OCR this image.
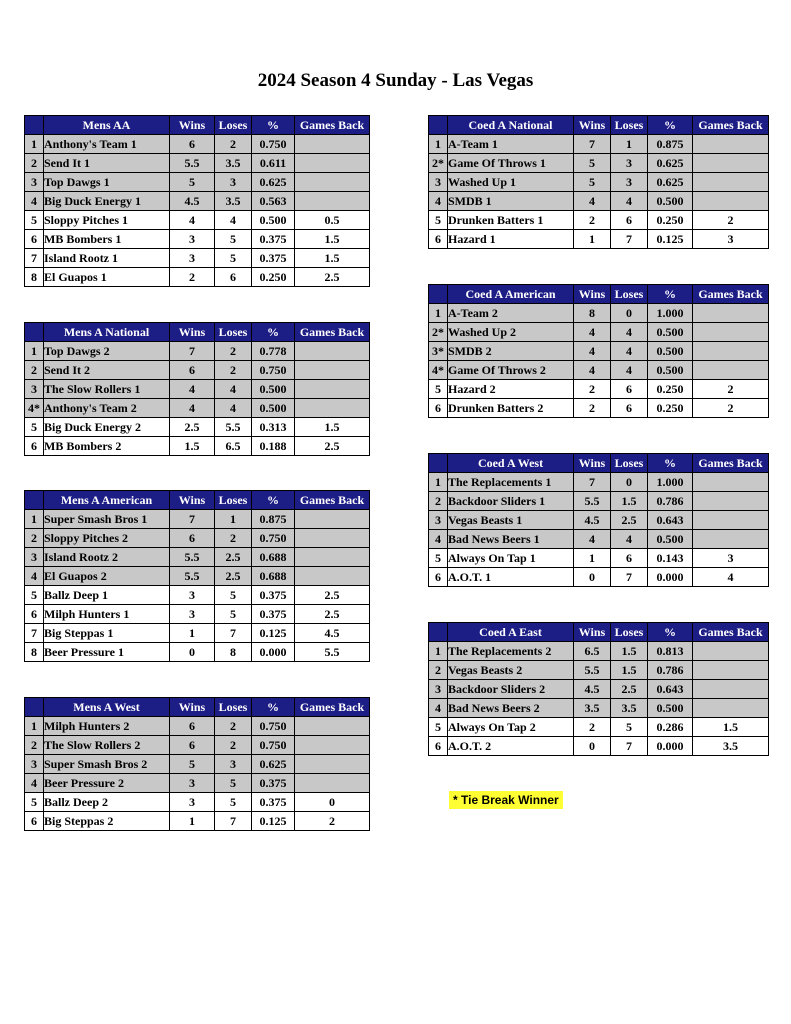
2024 Season 4 Sunday - Las Vegas
	Mens AA	Wins	Loses	%	Games Back
1	Anthony's Team 1	6	2	0.750	
2	Send It 1	5.5	3.5	0.611	
3	Top Dawgs 1	5	3	0.625	
4	Big Duck Energy 1	4.5	3.5	0.563	
5	Sloppy Pitches 1	4	4	0.500	0.5
6	MB Bombers 1	3	5	0.375	1.5
7	Island Rootz 1	3	5	0.375	1.5
8	El Guapos 1	2	6	0.250	2.5
	Mens A National	Wins	Loses	%	Games Back
1	Top Dawgs 2	7	2	0.778	
2	Send It 2	6	2	0.750	
3	The Slow Rollers 1	4	4	0.500	
4*	Anthony's Team 2	4	4	0.500	
5	Big Duck Energy 2	2.5	5.5	0.313	1.5
6	MB Bombers 2	1.5	6.5	0.188	2.5
	Mens A American	Wins	Loses	%	Games Back
1	Super Smash Bros 1	7	1	0.875	
2	Sloppy Pitches 2	6	2	0.750	
3	Island Rootz 2	5.5	2.5	0.688	
4	El Guapos 2	5.5	2.5	0.688	
5	Ballz Deep 1	3	5	0.375	2.5
6	Milph Hunters 1	3	5	0.375	2.5
7	Big Steppas 1	1	7	0.125	4.5
8	Beer Pressure 1	0	8	0.000	5.5
	Mens A West	Wins	Loses	%	Games Back
1	Milph Hunters 2	6	2	0.750	
2	The Slow Rollers 2	6	2	0.750	
3	Super Smash Bros 2	5	3	0.625	
4	Beer Pressure 2	3	5	0.375	
5	Ballz Deep 2	3	5	0.375	0
6	Big Steppas 2	1	7	0.125	2
	Coed A National	Wins	Loses	%	Games Back
1	A-Team 1	7	1	0.875	
2*	Game Of Throws 1	5	3	0.625	
3	Washed Up 1	5	3	0.625	
4	SMDB 1	4	4	0.500	
5	Drunken Batters 1	2	6	0.250	2
6	Hazard 1	1	7	0.125	3
	Coed A American	Wins	Loses	%	Games Back
1	A-Team 2	8	0	1.000	
2*	Washed Up 2	4	4	0.500	
3*	SMDB 2	4	4	0.500	
4*	Game Of Throws 2	4	4	0.500	
5	Hazard 2	2	6	0.250	2
6	Drunken Batters 2	2	6	0.250	2
	Coed A West	Wins	Loses	%	Games Back
1	The Replacements 1	7	0	1.000	
2	Backdoor Sliders 1	5.5	1.5	0.786	
3	Vegas Beasts 1	4.5	2.5	0.643	
4	Bad News Beers 1	4	4	0.500	
5	Always On Tap 1	1	6	0.143	3
6	A.O.T. 1	0	7	0.000	4
	Coed A East	Wins	Loses	%	Games Back
1	The Replacements 2	6.5	1.5	0.813	
2	Vegas Beasts 2	5.5	1.5	0.786	
3	Backdoor Sliders 2	4.5	2.5	0.643	
4	Bad News Beers 2	3.5	3.5	0.500	
5	Always On Tap 2	2	5	0.286	1.5
6	A.O.T. 2	0	7	0.000	3.5
* Tie Break Winner
